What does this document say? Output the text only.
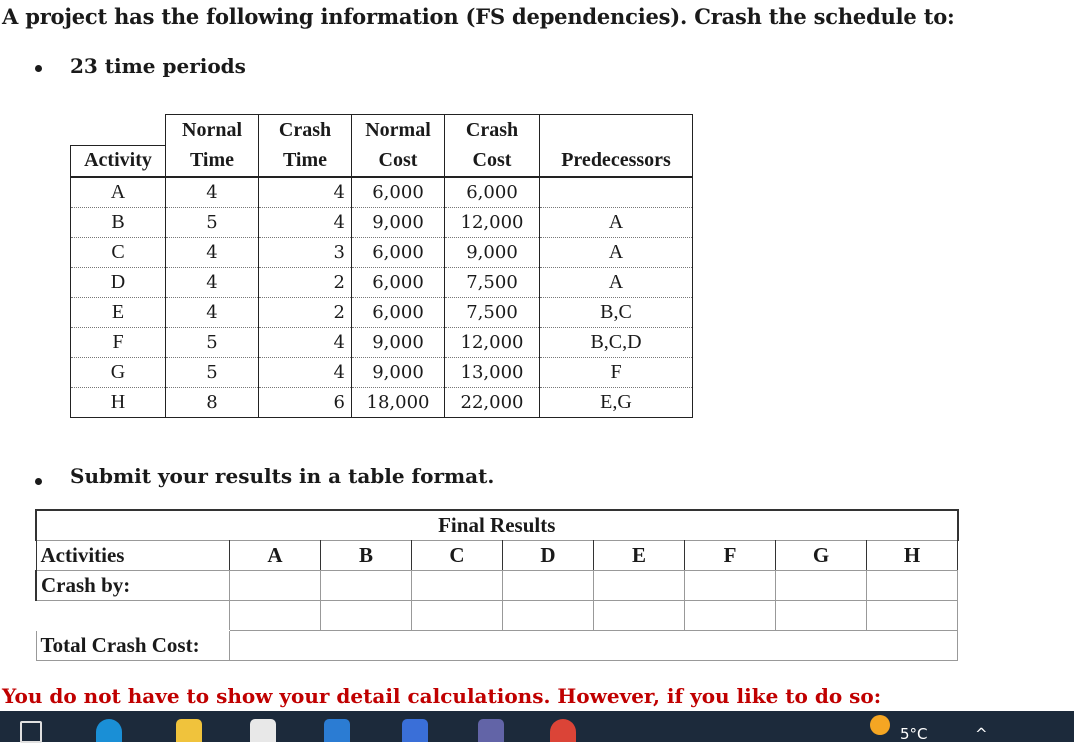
A project has the following information (FS dependencies). Crash the schedule to:
23 time periods
	Nornal	Crash	Normal	Crash	
Activity	Time	Time	Cost	Cost	Predecessors
A	4	4	6,000	6,000	
B	5	4	9,000	12,000	A
C	4	3	6,000	9,000	A
D	4	2	6,000	7,500	A
E	4	2	6,000	7,500	B,C
F	5	4	9,000	12,000	B,C,D
G	5	4	9,000	13,000	F
H	8	6	18,000	22,000	E,G
Submit your results in a table format.
Final Results								
Activities	A	B	C	D	E	F	G	H
Crash by:								

Total Crash Cost:								
You do not have to show your detail calculations. However, if you like to do so:
5°C	^
